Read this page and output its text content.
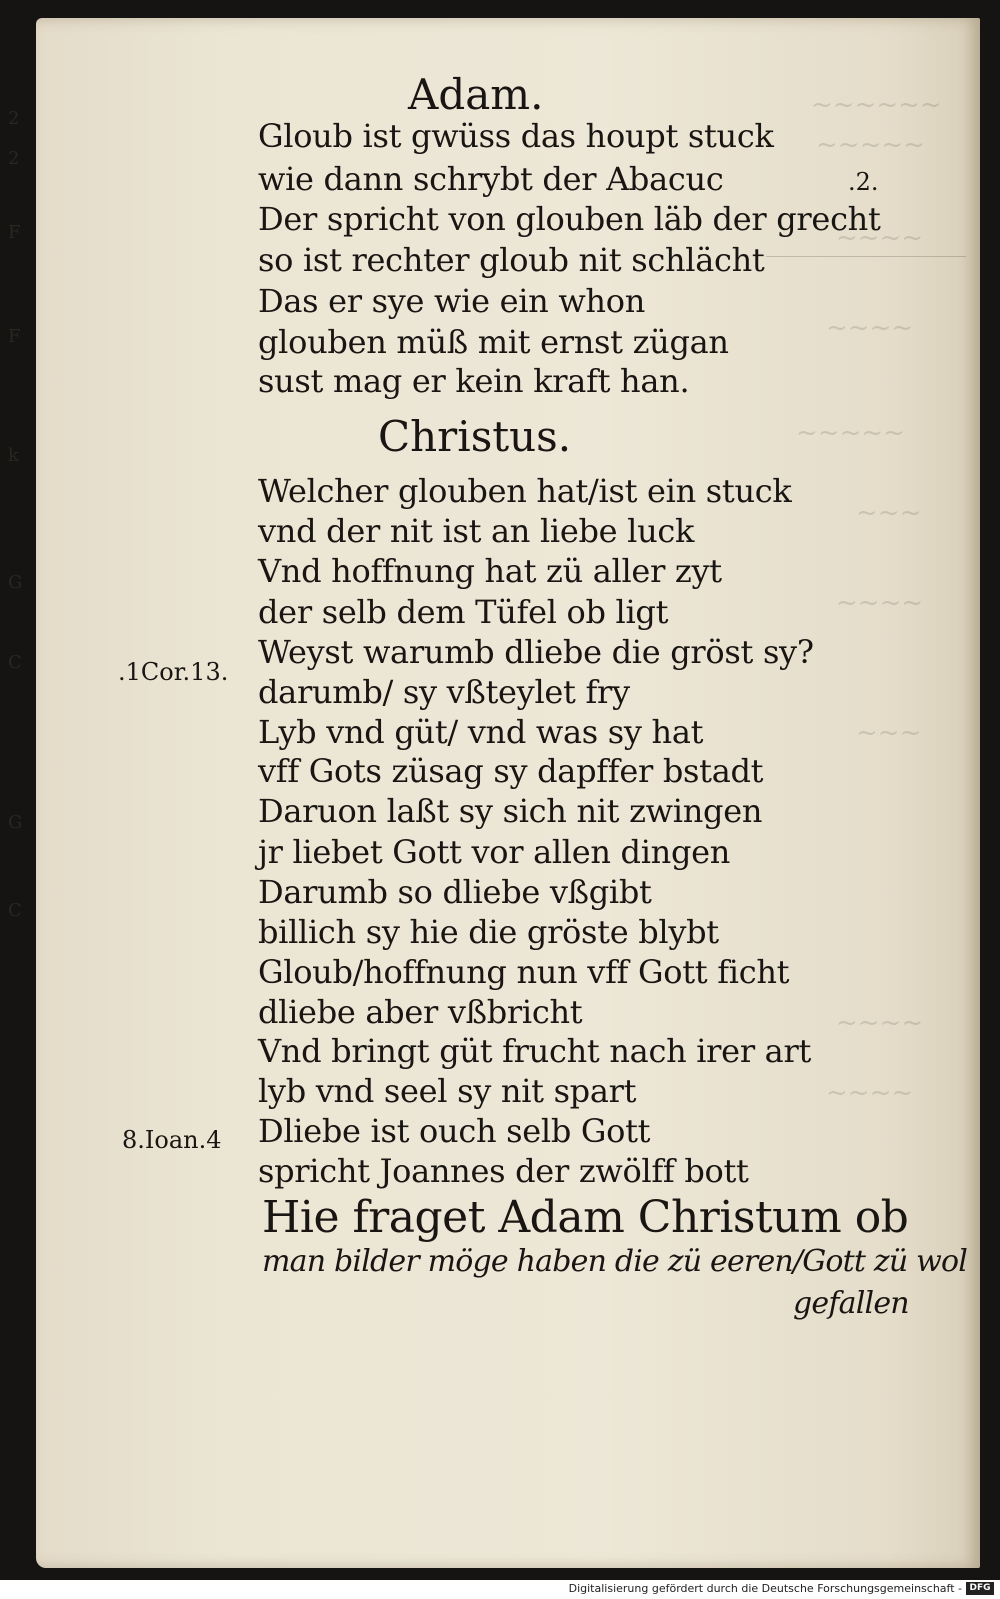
~~~~~~
~~~~~
~~~~
~~~~
~~~~~
~~~
~~~~
~~~
~~~~
~~~~
2
2
F
F
k
G
C
G
C
Adam.
Gloub ist gwüss das houpt stuck
wie dann schrybt der Abacuc
Der spricht von glouben läb der grecht
so ist rechter gloub nit schlächt
Das er sye wie ein whon
glouben müß mit ernst zügan
sust mag er kein kraft han.
.2.
Christus.
Welcher glouben hat/ist ein stuck
vnd der nit ist an liebe luck
Vnd hoffnung hat zü aller zyt
der selb dem Tüfel ob ligt
Weyst warumb dliebe die gröst sy?
darumb/ sy vßteylet fry
Lyb vnd güt/ vnd was sy hat
vff Gots züsag sy dapffer bstadt
Daruon laßt sy sich nit zwingen
jr liebet Gott vor allen dingen
Darumb so dliebe vßgibt
billich sy hie die gröste blybt
Gloub/hoffnung nun vff Gott ficht
dliebe aber vßbricht
Vnd bringt güt frucht nach irer art
lyb vnd seel sy nit spart
Dliebe ist ouch selb Gott
spricht Joannes der zwölff bott
.1Cor.13.
8.Ioan.4
Hie fraget Adam Christum ob
man bilder möge haben die zü eeren/Gott zü wol
gefallen
Digitalisierung gefördert durch die Deutsche Forschungsgemeinschaft - DFG
